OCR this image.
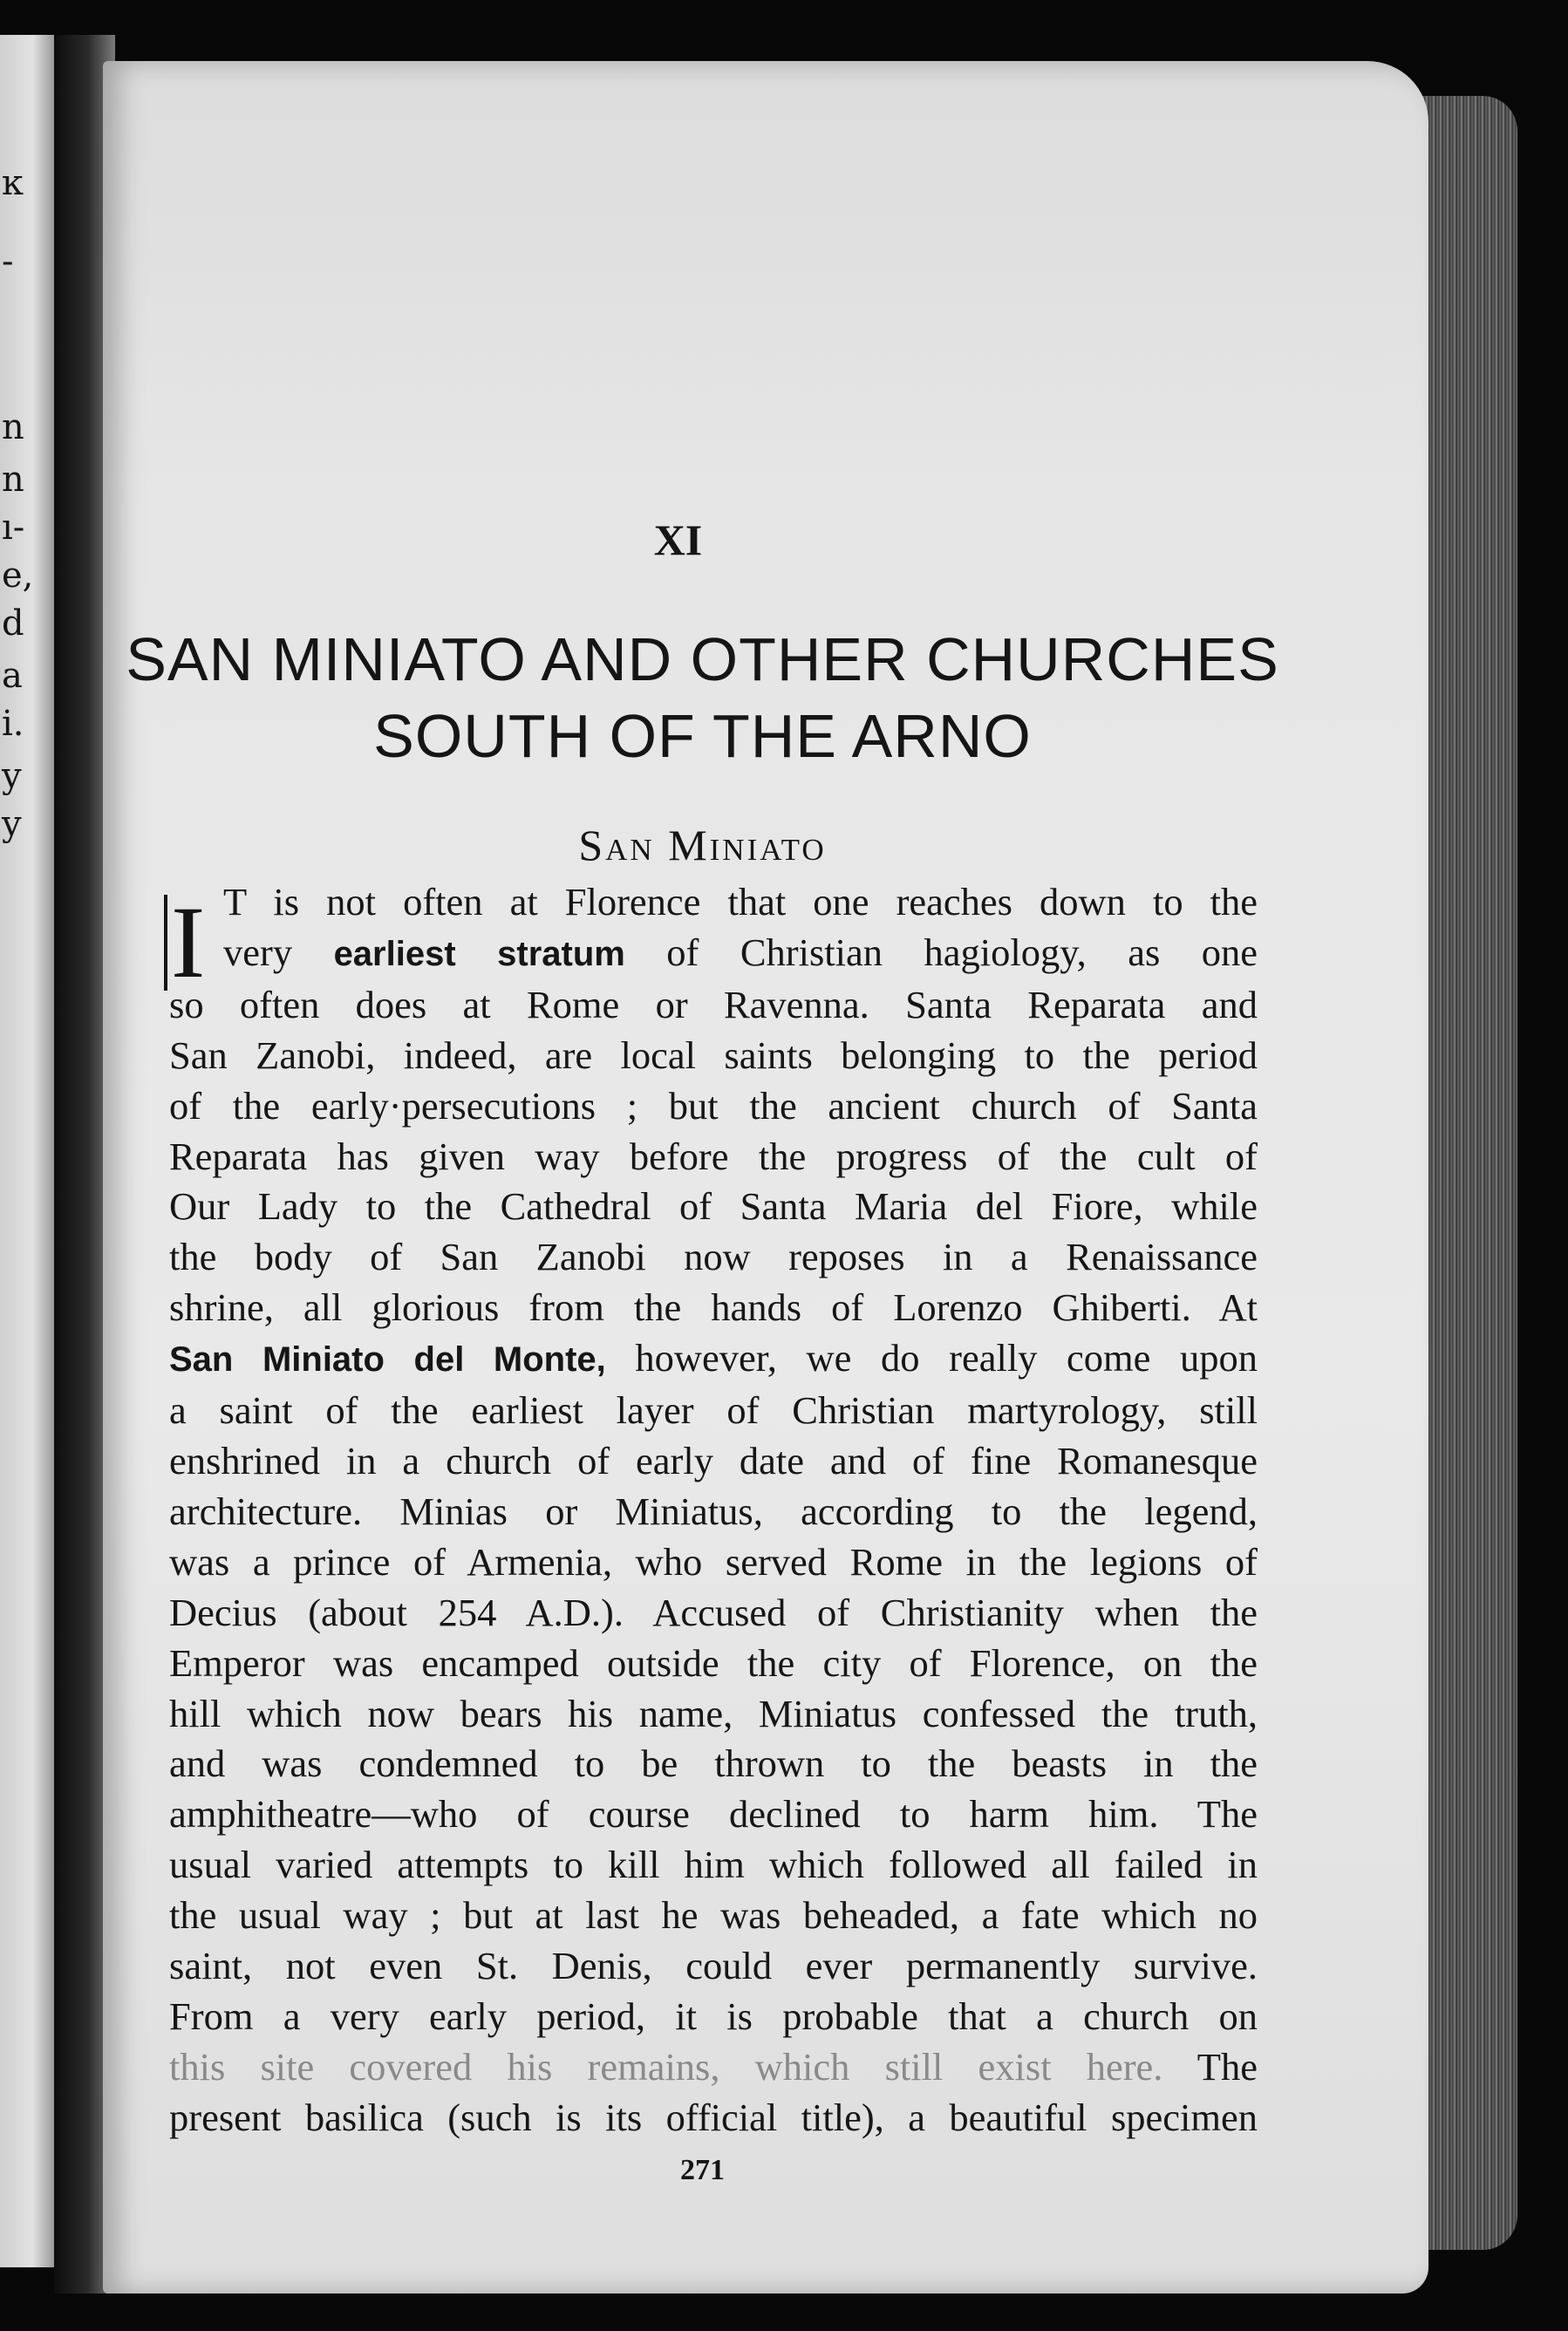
ĸ
-
n
n
ı-
e,
d
a
i.
y
y
XI
SAN MINIATO AND OTHER CHURCHES
SOUTH OF THE ARNO
San Miniato
I T is not often at Florence that one reaches down to the
very earliest stratum of Christian hagiology, as one
so often does at Rome or Ravenna. Santa Reparata and
San Zanobi, indeed, are local saints belonging to the period
of the early·persecutions ; but the ancient church of Santa
Reparata has given way before the progress of the cult of
Our Lady to the Cathedral of Santa Maria del Fiore, while
the body of San Zanobi now reposes in a Renaissance
shrine, all glorious from the hands of Lorenzo Ghiberti. At
San Miniato del Monte, however, we do really come upon
a saint of the earliest layer of Christian martyrology, still
enshrined in a church of early date and of fine Romanesque
architecture. Minias or Miniatus, according to the legend,
was a prince of Armenia, who served Rome in the legions of
Decius (about 254 A.D.). Accused of Christianity when the
Emperor was encamped outside the city of Florence, on the
hill which now bears his name, Miniatus confessed the truth,
and was condemned to be thrown to the beasts in the
amphitheatre—who of course declined to harm him. The
usual varied attempts to kill him which followed all failed in
the usual way ; but at last he was beheaded, a fate which no
saint, not even St. Denis, could ever permanently survive.
From a very early period, it is probable that a church on
this site covered his remains, which still exist here. The
present basilica (such is its official title), a beautiful specimen
271
